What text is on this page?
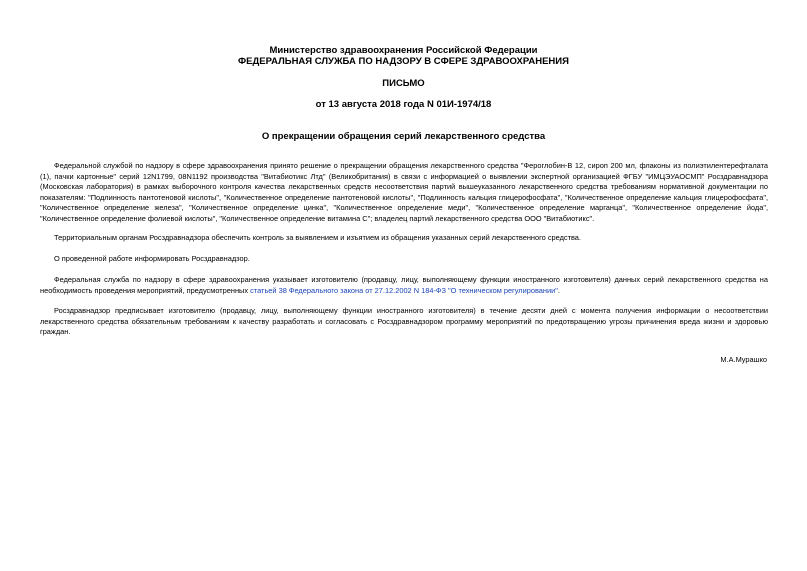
Министерство здравоохранения Российской Федерации
ФЕДЕРАЛЬНАЯ СЛУЖБА ПО НАДЗОРУ В СФЕРЕ ЗДРАВООХРАНЕНИЯ
ПИСЬМО
от 13 августа 2018 года N 01И-1974/18
О прекращении обращения серий лекарственного средства

Федеральной службой по надзору в сфере здравоохранения принято решение о прекращении обращения лекарственного средства "Фероглобин-В 12, сироп 200 мл, флаконы из полиэтилентерефталата (1), пачки картонные" серий 12N1799, 08N1192 производства "Витабиотикс Лтд" (Великобритания) в связи с информацией о выявлении экспертной организацией ФГБУ "ИМЦЭУАОСМП" Росздравнадзора (Московская лаборатория) в рамках выборочного контроля качества лекарственных средств несоответствия партий вышеуказанного лекарственного средства требованиям нормативной документации по показателям: "Подлинность пантотеновой кислоты", "Количественное определение пантотеновой кислоты", "Подлинность кальция глицерофосфата", "Количественное определение кальция глицерофосфата", "Количественное определение железа", "Количественное определение цинка", "Количественное определение меди", "Количественное определение марганца", "Количественное определение йода", "Количественное определение фолиевой кислоты", "Количественное определение витамина С"; владелец партий лекарственного средства ООО "Витабиотикс".

Территориальным органам Росздравнадзора обеспечить контроль за выявлением и изъятием из обращения указанных серий лекарственного средства.

О проведенной работе информировать Росздравнадзор.

Федеральная служба по надзору в сфере здравоохранения указывает изготовителю (продавцу, лицу, выполняющему функции иностранного изготовителя) данных серий лекарственного средства на необходимость проведения мероприятий, предусмотренных статьей 38 Федерального закона от 27.12.2002 N 184-ФЗ "О техническом регулировании".

Росздравнадзор предписывает изготовителю (продавцу, лицу, выполняющему функции иностранного изготовителя) в течение десяти дней с момента получения информации о несоответствии лекарственного средства обязательным требованиям к качеству разработать и согласовать с Росздравнадзором программу мероприятий по предотвращению угрозы причинения вреда жизни и здоровью граждан.

М.А.Мурашко
